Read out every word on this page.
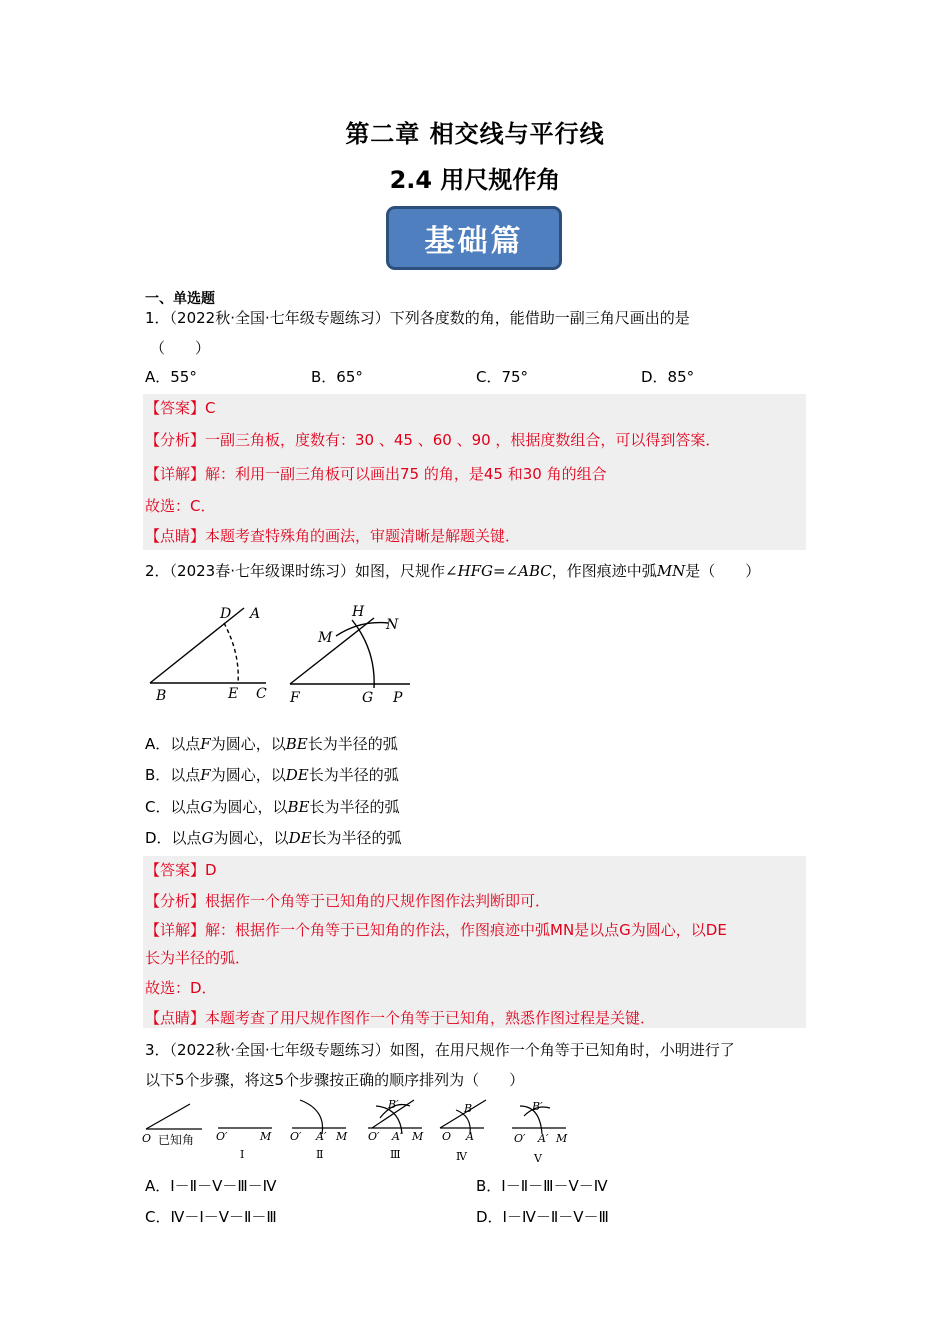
第二章 相交线与平行线
2.4 用尺规作角
基础篇
一、单选题
1．（2022秋·全国·七年级专题练习）下列各度数的角，能借助一副三角尺画出的是
（　　）
A．55°	B．65°	C．75°	D．85°
【答案】C
【分析】一副三角板，度数有：30 、45 、60 、90 ，根据度数组合，可以得到答案．
【详解】解：利用一副三角板可以画出75 的角，是45 和30 角的组合
故选：C．
【点睛】本题考查特殊角的画法，审题清晰是解题关键．
2．（2023春·七年级课时练习）如图，尺规作∠HFG=∠ABC，作图痕迹中弧MN是（　　）
D A
B	E C
H
N
M
F	G P
A．以点F为圆心，以BE长为半径的弧
B．以点F为圆心，以DE长为半径的弧
C．以点G为圆心，以BE长为半径的弧
D．以点G为圆心，以DE长为半径的弧
【答案】D
【分析】根据作一个角等于已知角的尺规作图作法判断即可．
【详解】解：根据作一个角等于已知角的作法，作图痕迹中弧MN是以点G为圆心，以DE
长为半径的弧．
故选：D．
【点睛】本题考查了用尺规作图作一个角等于已知角，熟悉作图过程是关键．
3．（2022秋·全国·七年级专题练习）如图，在用尺规作一个角等于已知角时，小明进行了
以下5个步骤，将这5个步骤按正确的顺序排列为（　　）
O 已知角 O′	M
Ⅰ
O′ A′ M
Ⅱ
B′
O′ A′ M
Ⅲ
B
O A
Ⅳ
B′
O′ A′ M
Ⅴ
A．Ⅰ－Ⅱ－Ⅴ－Ⅲ－Ⅳ	B．Ⅰ－Ⅱ－Ⅲ－Ⅴ－Ⅳ
C．Ⅳ－Ⅰ－Ⅴ－Ⅱ－Ⅲ	D．Ⅰ－Ⅳ－Ⅱ－Ⅴ－Ⅲ
